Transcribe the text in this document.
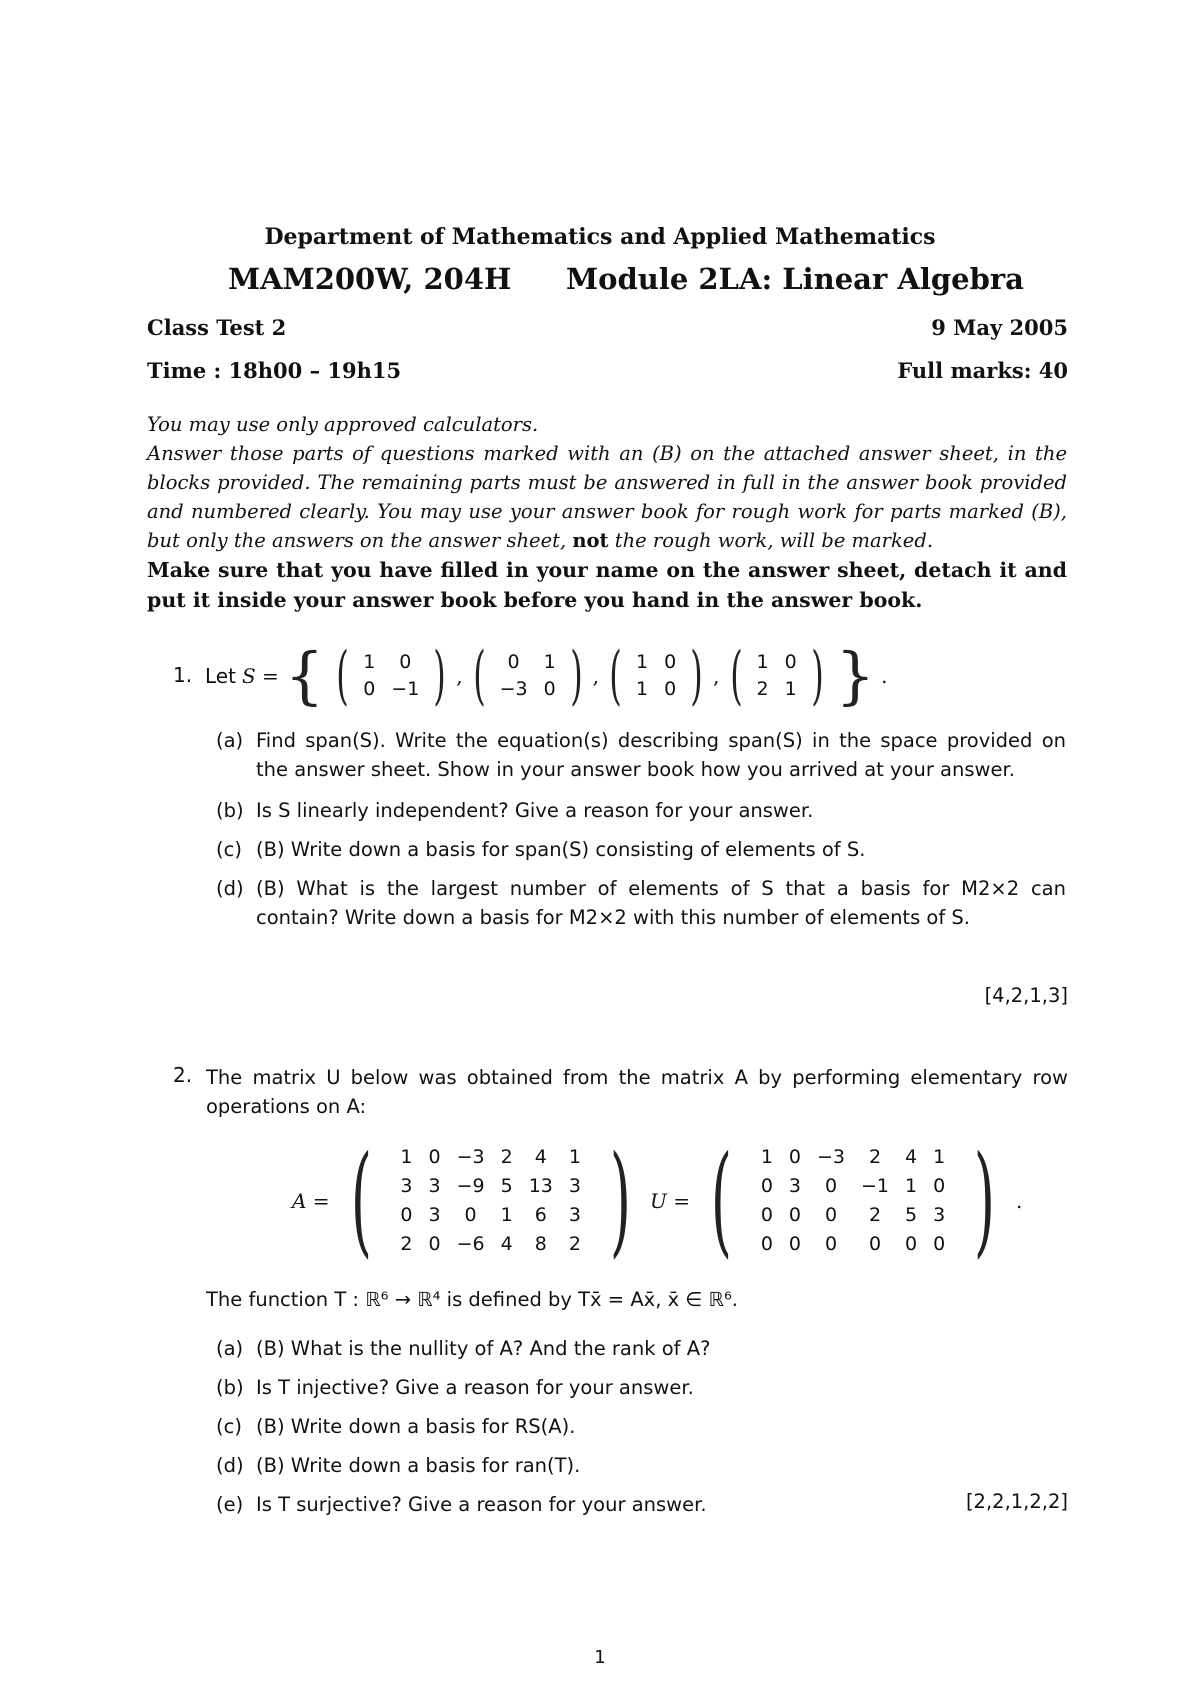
Department of Mathematics and Applied Mathematics
MAM200W, 204H Module 2LA: Linear Algebra
Class Test 2	9 May 2005
Time : 18h00 – 19h15	Full marks: 40
You may use only approved calculators.
Answer those parts of questions marked with an (B) on the attached answer sheet, in the blocks provided. The remaining parts must be answered in full in the answer book provided and numbered clearly. You may use your answer book for rough work for parts marked (B), but only the answers on the answer sheet, not the rough work, will be marked.
Make sure that you have filled in your name on the answer sheet, detach it and put it inside your answer book before you hand in the answer book.
1. Let S = { ( 1	0
0	−1 ) , ( 0	1
−3	0 ) , ( 1	0
1	0 ) , ( 1	0
2	1 ) } .
(a) Find span(S). Write the equation(s) describing span(S) in the space provided on the answer sheet. Show in your answer book how you arrived at your answer.
(b) Is S linearly independent? Give a reason for your answer.
(c) (B) Write down a basis for span(S) consisting of elements of S.
(d) (B) What is the largest number of elements of S that a basis for M2×2 can contain? Write down a basis for M2×2 with this number of elements of S.
[4,2,1,3]
2. The matrix U below was obtained from the matrix A by performing elementary row operations on A:
A = ( 1	0	−3	2	4	1
3	3	−9	5	13	3
0	3	0	1	6	3
2	0	−6	4	8	2 ) U = ( 1	0	−3	2	4	1
0	3	0	−1	1	0
0	0	0	2	5	3
0	0	0	0	0	0 ) .
The function T : ℝ⁶ → ℝ⁴ is defined by Tx̄ = Ax̄, x̄ ∈ ℝ⁶.
(a) (B) What is the nullity of A? And the rank of A?
(b) Is T injective? Give a reason for your answer.
(c) (B) Write down a basis for RS(A).
(d) (B) Write down a basis for ran(T).
(e) Is T surjective? Give a reason for your answer.	[2,2,1,2,2]
1
